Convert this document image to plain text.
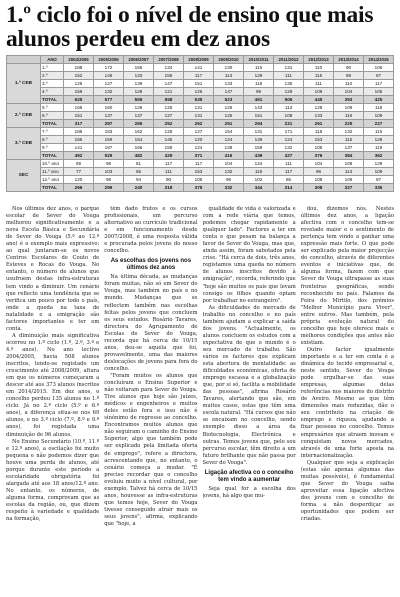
1.º ciclo foi o nível de ensino que mais alunos perdeu em dez anos
	ANO	2004/2005	2005/2006	2006/2007	2007/2008	2008/2009	2009/2010	2010/2011	2011/2012	2012/2013	2013/2014	2014/2015
1.º CEB	1.º	188	172	155	134	141	130	115	131	110	90	106
	2.º	152	146	133	156	117	113	129	111	115	89	97
	3.º	126	127	139	147	151	133	118	135	111	110	117
	4.º	159	132	128	121	126	147	99	129	109	104	105
	TOTAL	625	577	555	558	535	523	461	506	445	393	425
2.º CEB	5.º	166	160	128	125	131	126	143	113	128	109	118
	6.º	151	137	137	127	131	125	151	108	133	116	109
	TOTAL	317	297	265	252	262	251	294	221	261	225	227
3.º CEB	7.º	186	183	162	126	127	154	131	171	118	132	115
	8.º	165	159	154	145	120	124	149	124	153	115	128
	9.º	141	187	166	158	124	138	159	132	105	137	119
	TOTAL	492	529	482	429	371	416	439	427	376	384	362
SEC	10.º ano	69	98	81	117	117	104	124	111	104	108	129
	11.º ano	77	103	65	111	153	132	118	117	96	113	109
	12.º ano	120	98	94	90	105	96	102	86	108	106	97
	TOTAL	266	299	240	318	375	332	344	314	308	327	335

Nos últimos dez anos, o parque escolar de Sever do Vouga melhorou significativamente e a nova Escola Básica e Secundária de Sever do Vouga (5.º ao 12.º ano) é o exemplo mais expressivo; ao qual juntaram-se os novos Centros Escolares de Couto de Esteves e Rocas do Vouga. No entanto, o número de alunos que usufruem destas infra-estruturas tem vindo a diminuir. Um cenário que reflecte uma tendência que se verifica um pouco por todo o país, onde a queda na taxa de natalidade e a emigração são factores importantes e ter em conta.

A diminuição mais significativa ocorreu no 1.º ciclo (1.º, 2.º, 3.º e 4.º anos). No ano lectivo 2004/2005, havia 508 alunos inscritos, tendo-se registado um crescimento até 2008/2009, altura em que os números começaram a descer até aos 373 alunos inscritos em 2014/2015. Em dez anos, o concelho perdeu 135 alunos no 1.º ciclo. Já no 2.º ciclo (5.º e 6.º anos), a diferença situa-se nos 69 alunos, e no 3.º ciclo (7.º, 8.º e 9.º anos), foi registada uma diminuição de 96 alunos.

No Ensino Secundário (10.º, 11.º e 12.º anos), a oscilação foi muito pequena e não podemos dizer que houve uma perda de alunos, até porque durante este período a escolaridade obrigatória foi alargada até aos 18 anos/12.º ano. No entanto, os números, de alguma forma, comprovam que as escolas da região, ou, que dizem respeito à variedade e qualidade na formação,

têm dado frutos e os cursos profissionais, um percurso alternativo ao currículo tradicional e em funcionamento desde 2007/2008, é uma resposta válida e procurada pelos jovens do nosso concelho.

As escolhas dos jovens nos últimos dez anos

Na última década, as mudanças foram muitas, não só em Sever do Vouga, mas também no país e no mundo. Mudanças que se reflectem também nas escolhas feitas pelos jovens que concluem os seus estudos. Rosário Tavares, directora do Agrupamento de Escolas de Sever do Vouga, recorda que há cerca de 10/15 anos, deu-se aquela que foi, provavelmente, uma das maiores deslocações de jovens para fora do concelho.

"Foram muitos os alunos que concluíram o Ensino Superior e não voltaram para Sever do Vouga. Tive alunos que hoje são juízes, médicos e engenheiros e muitos deles estão fora e isso não é sinónimo de regresso ao concelho. Encontramos muitos alunos que não seguiram o caminho do Ensino Superior, algo que também pode ser explicado pela limitada oferta de emprego", refere a directora, acrescentando que, no entanto, o cenário começa a mudar. "É preciso recordar que o concelho evoluiu muito a nível cultural, por exemplo. Talvez há cerca de 10/15 anos, houvesse as infra-estruturas que temos hoje, Sever do Vouga tivesse conseguido atrair mais os seus jovens", afirma, explicando que "hoje, a

qualidade de vida é valorizada e com a rede viária que temos, podemos chegar rapidamente a qualquer lado". Factores a ter em conta e que pesam na balança a favor de Sever do Vouga, mas que, ainda assim, foram sabotados pela crise. "Há cerca de dois, três anos, registamos uma queda no número de alunos inscritos devido à emigração", recorda, referindo que "hoje são muitos os pais que levam consigo os filhos quando optam por trabalhar no estrangeiro".

As dificuldades do mercado de trabalho no concelho e no país também ajudam a explicar a saída dos jovens. "Actualmente, os alunos concluem os estudos com a expectativa de que o mundo é o seu mercado de trabalho. São vários os factores que explicam esta abertura de mentalidade: as dificuldades económicas, oferta de emprego escassa e a globalização que, por si só, facilita a mobilidade das pessoas", afirma Rosário Tavares, alertando que são, em muitos casos, estas que têm uma escola natural. "Há cursos que não se encaixam no concelho, sendo exemplo disso a área da Biotecnologia, Electrónica e outras. Temos jovens que, pelo seu percurso escolar, têm direito a um futuro brilhante que não passa por Sever do Vouga".

Ligação afectiva co o concelho tem vindo a aumentar

Seja qual for a escolha dos jovens, há algo que mu-

dou, dizemos nós. Nestes últimos dez anos, a ligação afectiva com o concelho tem-se revelado maior e o sentimento de pertença tem vindo a ganhar uma expressão mais forte. O que pode ser explicado pela maior projecção do concelho, através de diferentes eventos e iniciativas que, de alguma forma, fazem com que Sever do Vouga ultrapasse as suas fronteiras geográficas, sendo reconhecido no país. Falamos da Feira do Mirtilo, dos prémios "Melhor Município para Viver", entre outros. Mas também, pela própria evolução natural do concelho que hoje oferece mais e melhores condições que antes não existiam.

Outro factor igualmente importante e a ter em conta é a dinâmica do tecido empresarial e, neste sentido, Sever do Vouga pode orgulhar-se das suas empresas, algumas delas referências nos maiores do distrito de Aveiro. Mesmo as que têm dimensões mais reduzidas, dão o seu contributo na criação de emprego e riqueza, ajudando a fixar pessoas no concelho. Temos empresários que atraem inovam e conquistam novos mercados, através de uma forte aposta na internacionalização.

Qualquer que seja a explicação (estas são apenas algumas das muitas possíveis), é fundamental que Sever do Vouga saiba aproveitar essa ligação afectiva dos jovens com o concelho de forma a não desperdiçar as oportunidades que podem ser criadas.
